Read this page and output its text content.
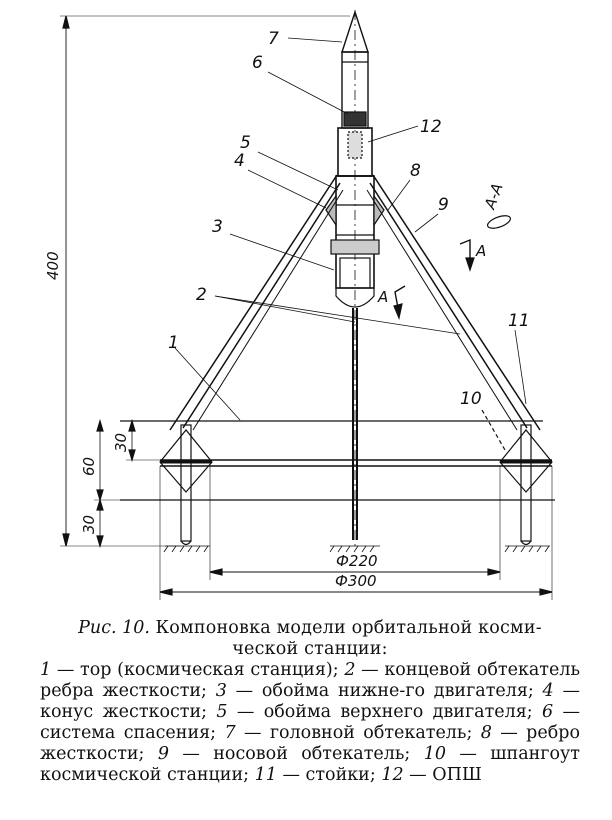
7
6
12
5
4	8
9
3
2
1
11
10
А-А
А
А
400
30
60
30
Ф220
Ф300
Рис. 10. Компоновка модели орбитальной косми-
ческой станции:
1 — тор (космическая станция); 2 — концевой обтекатель ребра жесткости; 3 — обойма нижне-го двигателя; 4 — конус жесткости; 5 — обойма верхнего двигателя; 6 — система спасения; 7 — головной обтекатель; 8 — ребро жесткости; 9 — носовой обтекатель; 10 — шпангоут космической станции; 11 — стойки; 12 — ОПШ
